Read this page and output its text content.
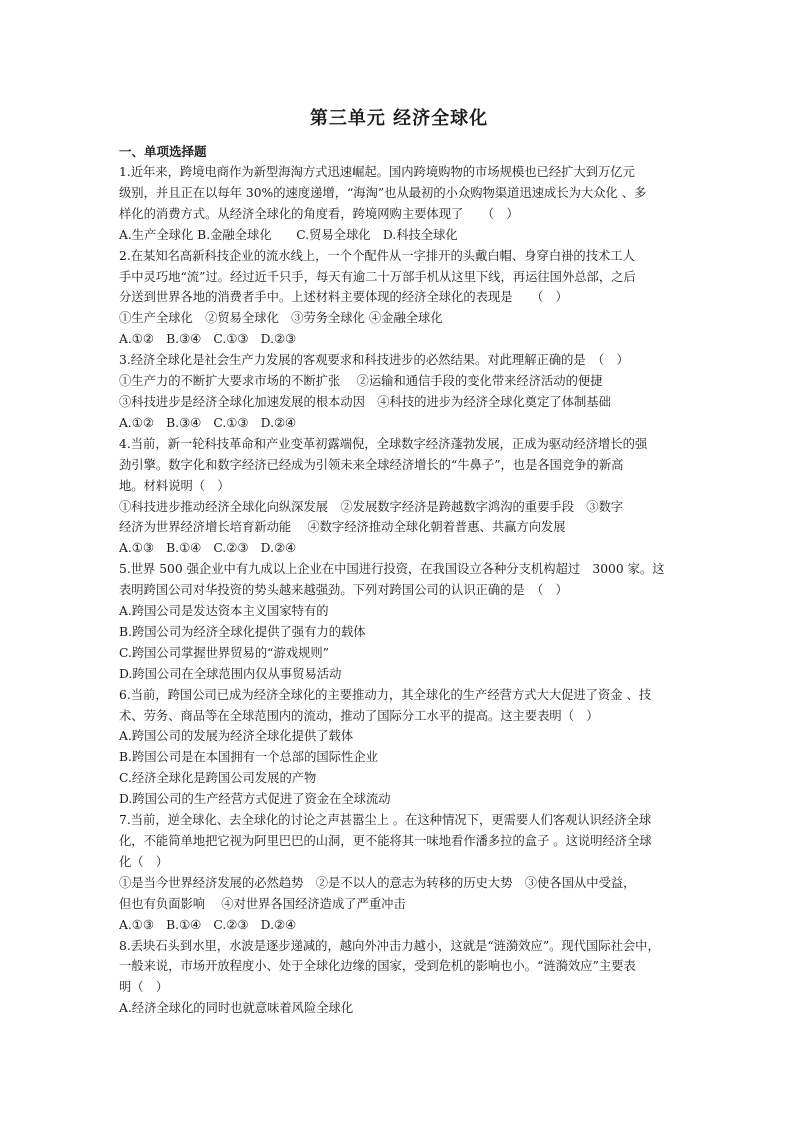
第三单元 经济全球化
一、单项选择题
1.近年来，跨境电商作为新型海淘方式迅速崛起。国内跨境购物的市场规模也已经扩大到万亿元
级别，并且正在以每年 30%的速度递增，“海淘”也从最初的小众购物渠道迅速成长为大众化 、多
样化的消费方式。从经济全球化的角度看，跨境网购主要体现了　　（　）
A.生产全球化 B.金融全球化　　C.贸易全球化　D.科技全球化
2.在某知名高新科技企业的流水线上，一个个配件从一字排开的头戴白帽、身穿白褂的技术工人
手中灵巧地“流”过。经过近千只手，每天有逾二十万部手机从这里下线，再运往国外总部，之后
分送到世界各地的消费者手中。上述材料主要体现的经济全球化的表现是　　（　）
①生产全球化　②贸易全球化　③劳务全球化 ④金融全球化
A.①②　B.③④　C.①③　D.②③
3.经济全球化是社会生产力发展的客观要求和科技进步的必然结果。对此理解正确的是　（　）
①生产力的不断扩大要求市场的不断扩张　 ②运输和通信手段的变化带来经济活动的便捷
③科技进步是经济全球化加速发展的根本动因　④科技的进步为经济全球化奠定了体制基础
A.①②　B.③④　C.①③　D.②④
4.当前，新一轮科技革命和产业变革初露端倪，全球数字经济蓬勃发展，正成为驱动经济增长的强
劲引擎。数字化和数字经济已经成为引领未来全球经济增长的“牛鼻子”，也是各国竞争的新高
地。材料说明（　）
①科技进步推动经济全球化向纵深发展　②发展数字经济是跨越数字鸿沟的重要手段　③数字
经济为世界经济增长培育新动能　 ④数字经济推动全球化朝着普惠、共赢方向发展
A.①③　B.①④　C.②③　D.②④
5.世界 500 强企业中有九成以上企业在中国进行投资，在我国设立各种分支机构超过　3000 家。这
表明跨国公司对华投资的势头越来越强劲。下列对跨国公司的认识正确的是　（　）
A.跨国公司是发达资本主义国家特有的
B.跨国公司为经济全球化提供了强有力的载体
C.跨国公司掌握世界贸易的“游戏规则”
D.跨国公司在全球范围内仅从事贸易活动
6.当前，跨国公司已成为经济全球化的主要推动力，其全球化的生产经营方式大大促进了资金 、技
术、劳务、商品等在全球范围内的流动，推动了国际分工水平的提高。这主要表明（　）
A.跨国公司的发展为经济全球化提供了载体
B.跨国公司是在本国拥有一个总部的国际性企业
C.经济全球化是跨国公司发展的产物
D.跨国公司的生产经营方式促进了资金在全球流动
7.当前，逆全球化、去全球化的讨论之声甚嚣尘上 。在这种情况下，更需要人们客观认识经济全球
化，不能简单地把它视为阿里巴巴的山洞，更不能将其一味地看作潘多拉的盒子 。这说明经济全球
化（　）
①是当今世界经济发展的必然趋势　②是不以人的意志为转移的历史大势　③使各国从中受益，
但也有负面影响　 ④对世界各国经济造成了严重冲击
A.①③　B.①④　C.②③　D.②④
8.丢块石头到水里，水波是逐步递减的，越向外冲击力越小，这就是“涟漪效应”。现代国际社会中，
一般来说，市场开放程度小、处于全球化边缘的国家，受到危机的影响也小。“涟漪效应”主要表
明（　）
A.经济全球化的同时也就意味着风险全球化
